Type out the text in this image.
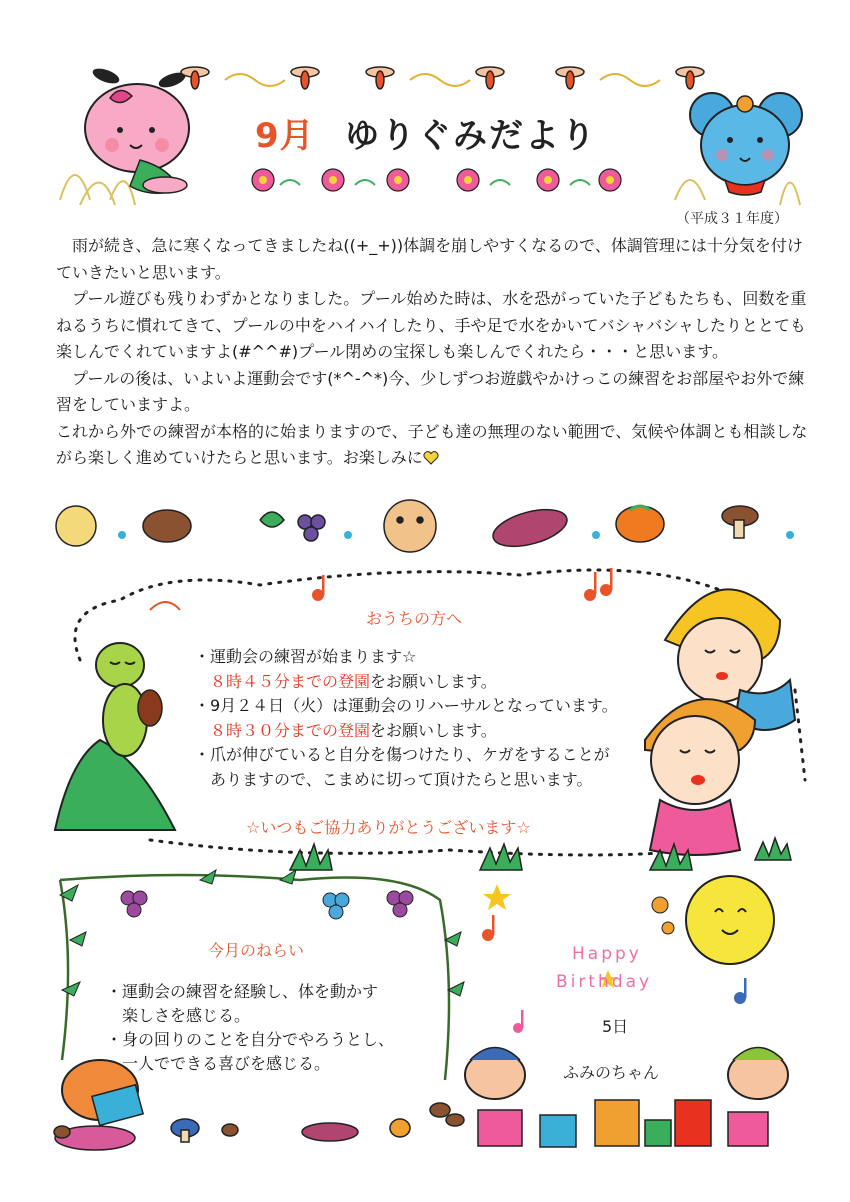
9月 ゆりぐみだより
（平成３１年度）

　雨が続き、急に寒くなってきましたね((+_+))体調を崩しやすくなるので、体調管理には十分気を付けていきたいと思います。

　プール遊びも残りわずかとなりました。プール始めた時は、水を恐がっていた子どもたちも、回数を重ねるうちに慣れてきて、プールの中をハイハイしたり、手や足で水をかいてバシャバシャしたりととても楽しんでくれていますよ(#^^#)プール閉めの宝探しも楽しんでくれたら・・・と思います。

　プールの後は、いよいよ運動会です(*^-^*)今、少しずつお遊戯やかけっこの練習をお部屋やお外で練習をしていますよ。

これから外での練習が本格的に始まりますので、子ども達の無理のない範囲で、気候や体調とも相談しながら楽しく進めていけたらと思います。お楽しみに

おうちの方へ
・運動会の練習が始まります☆
　８時４５分までの登園をお願いします。
・9月２４日（火）は運動会のリハーサルとなっています。
　８時３０分までの登園をお願いします。
・爪が伸びていると自分を傷つけたり、ケガをすることが
　ありますので、こまめに切って頂けたらと思います。
☆いつもご協力ありがとうございます☆
今月のねらい
・運動会の練習を経験し、体を動かす
　楽しさを感じる。
・身の回りのことを自分でやろうとし、
　一人でできる喜びを感じる。
Happy
Birthday
5日
ふみのちゃん
